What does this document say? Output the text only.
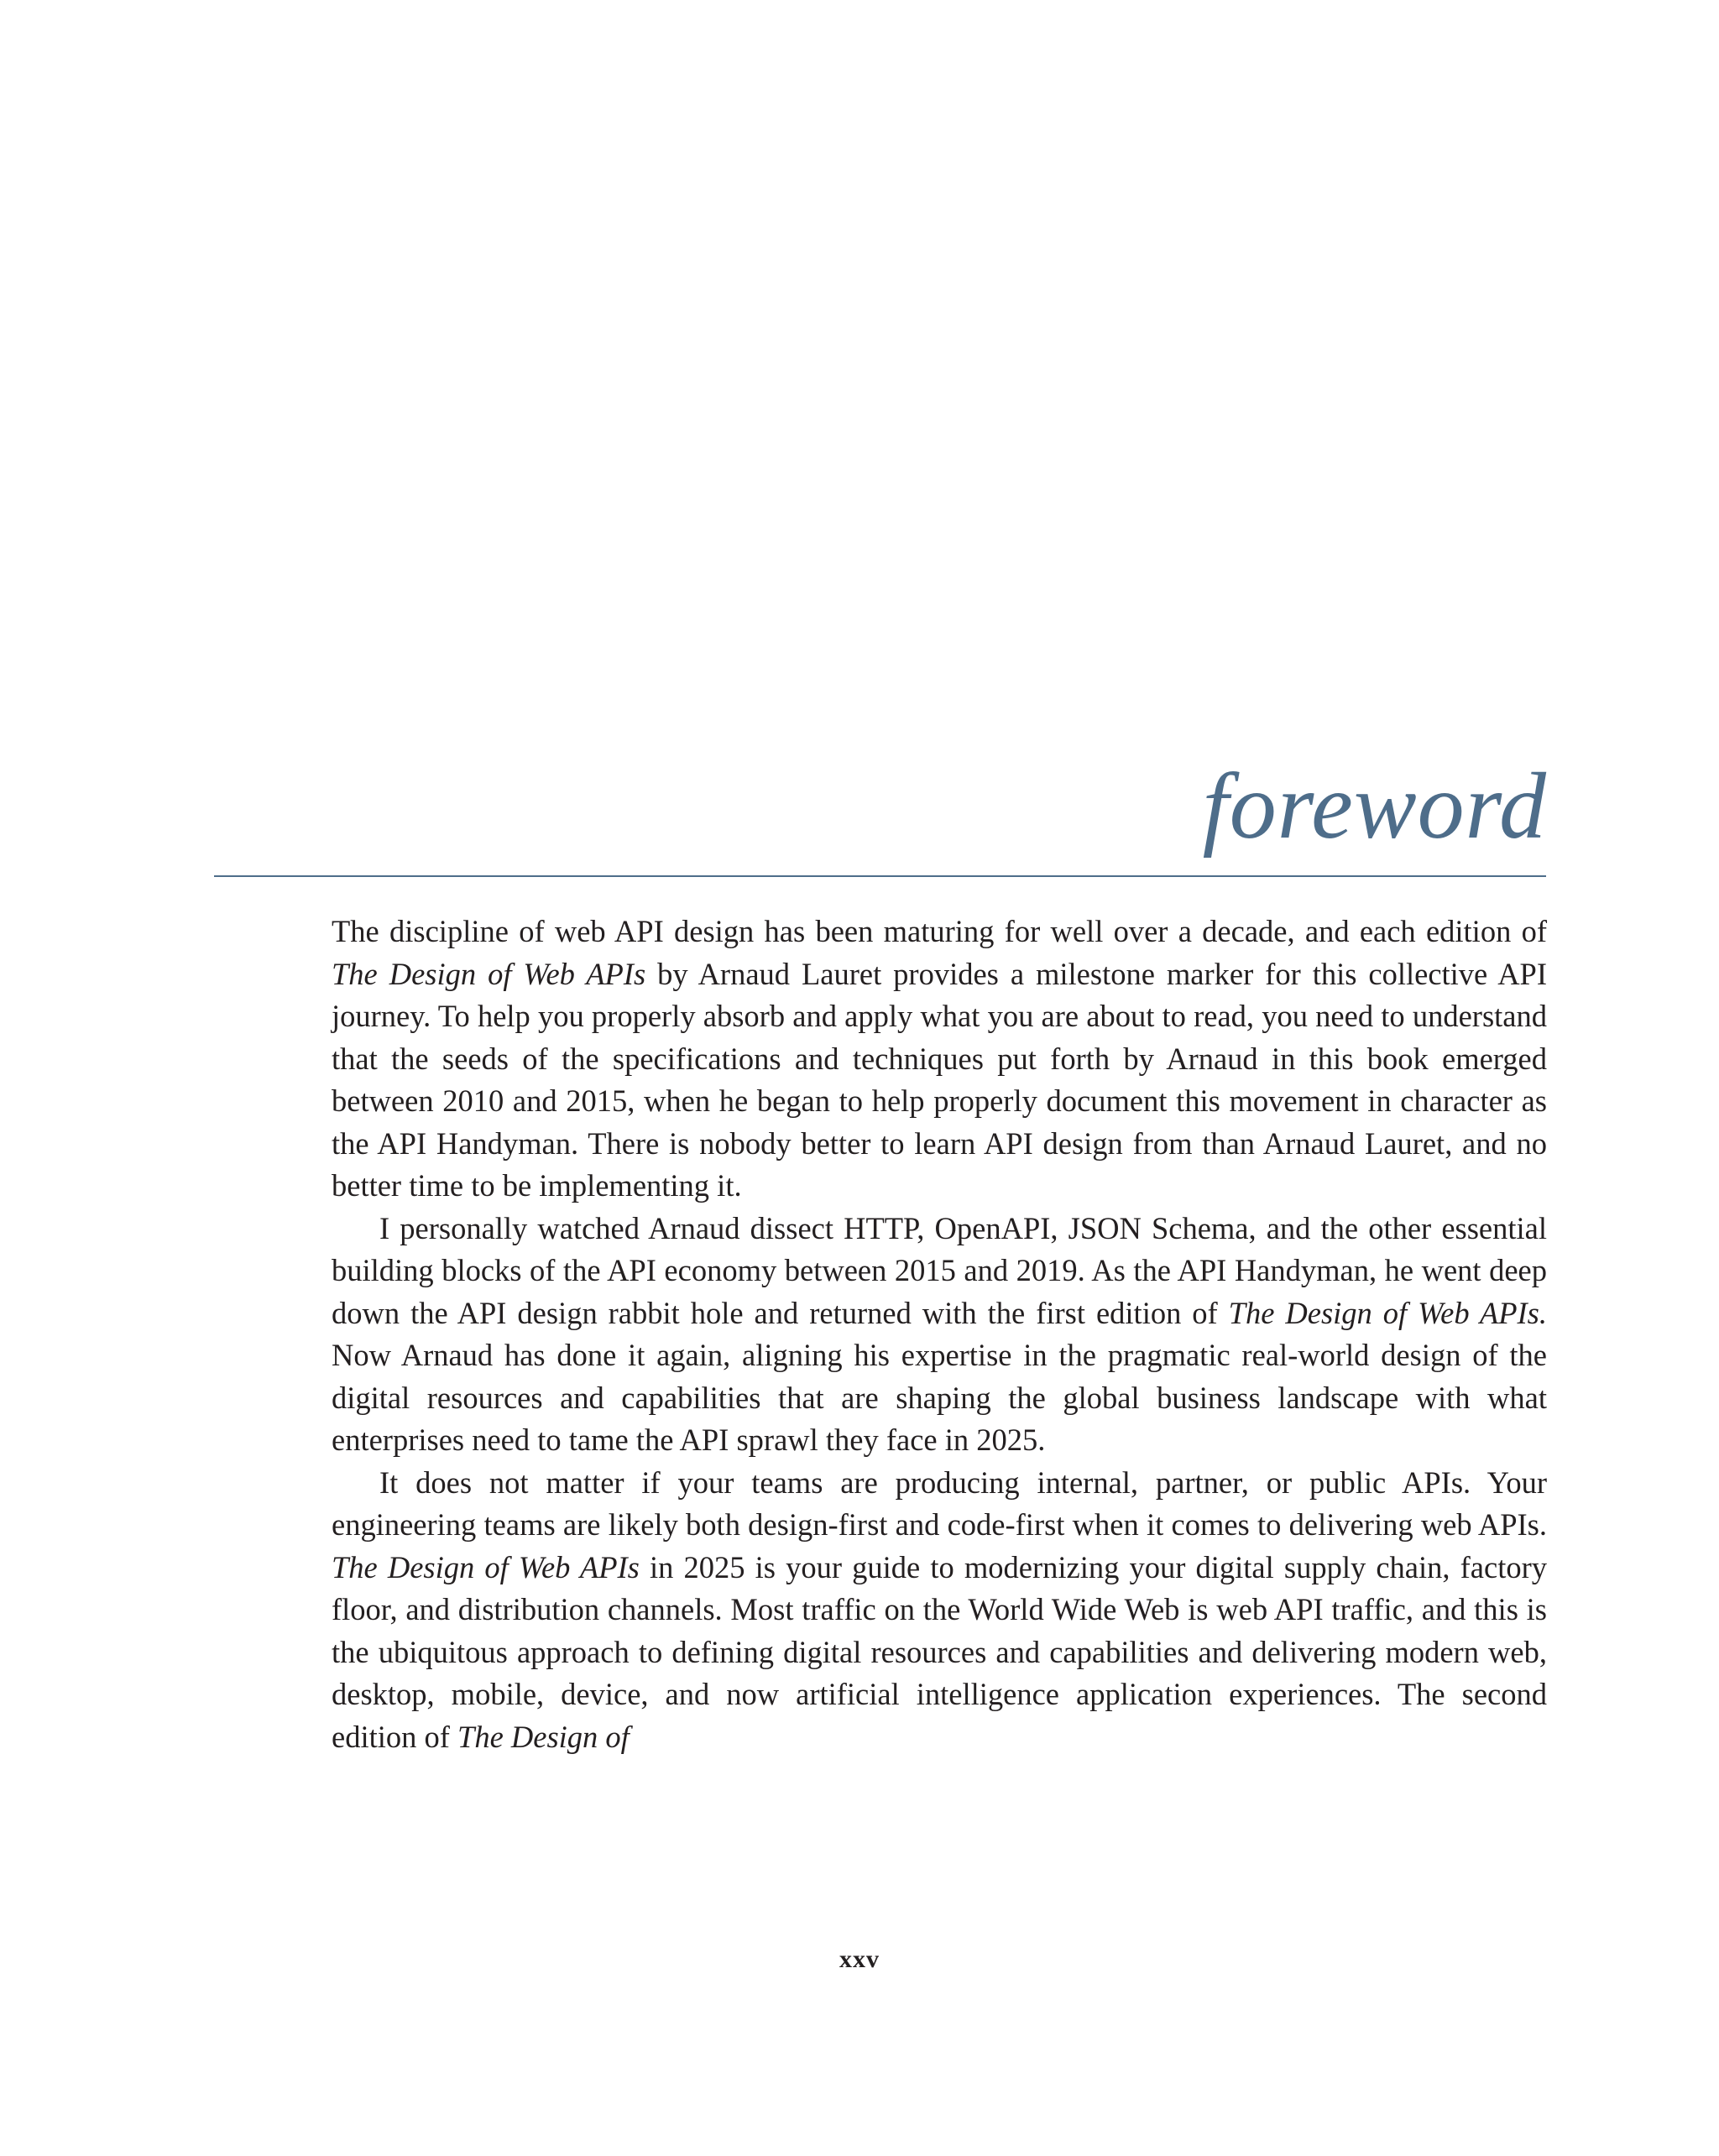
foreword

The discipline of web API design has been maturing for well over a decade, and each edition of The Design of Web APIs by Arnaud Lauret provides a milestone marker for this collective API journey. To help you properly absorb and apply what you are about to read, you need to understand that the seeds of the specifications and techniques put forth by Arnaud in this book emerged between 2010 and 2015, when he began to help properly document this movement in character as the API Handyman. There is nobody better to learn API design from than Arnaud Lauret, and no better time to be implementing it.

I personally watched Arnaud dissect HTTP, OpenAPI, JSON Schema, and the other essential building blocks of the API economy between 2015 and 2019. As the API Handyman, he went deep down the API design rabbit hole and returned with the first edition of The Design of Web APIs. Now Arnaud has done it again, aligning his expertise in the pragmatic real-world design of the digital resources and capabilities that are shaping the global business landscape with what enterprises need to tame the API sprawl they face in 2025.

It does not matter if your teams are producing internal, partner, or public APIs. Your engineering teams are likely both design-first and code-first when it comes to delivering web APIs. The Design of Web APIs in 2025 is your guide to modernizing your digital supply chain, factory floor, and distribution channels. Most traffic on the World Wide Web is web API traffic, and this is the ubiquitous approach to defining digital resources and capabilities and delivering modern web, desktop, mobile, device, and now artificial intelligence application experiences. The second edition of The Design of

xxv
